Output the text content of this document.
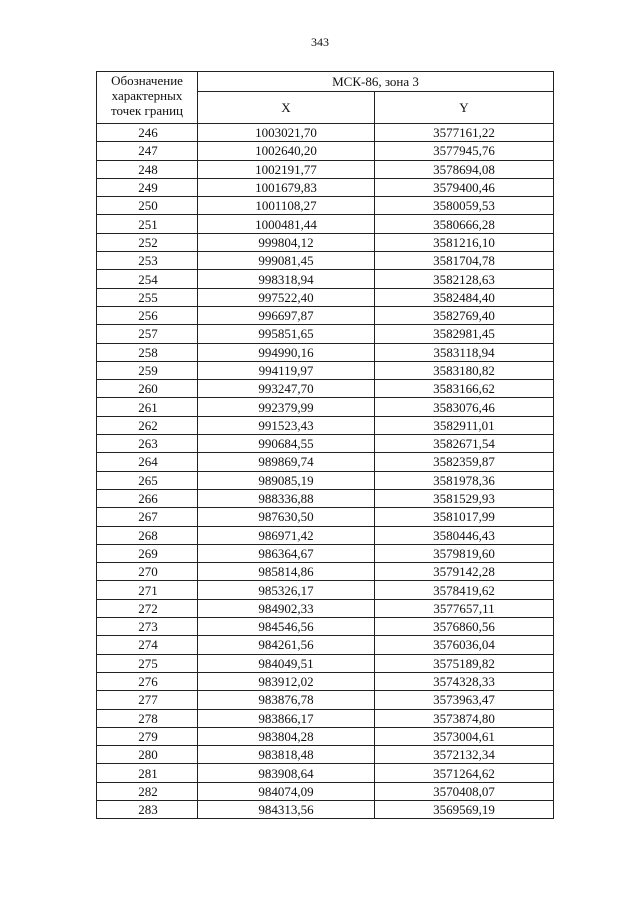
343
Обозначение характерных точек границ	МСК-86, зона 3	
	X	Y
246	1003021,70	3577161,22
247	1002640,20	3577945,76
248	1002191,77	3578694,08
249	1001679,83	3579400,46
250	1001108,27	3580059,53
251	1000481,44	3580666,28
252	999804,12	3581216,10
253	999081,45	3581704,78
254	998318,94	3582128,63
255	997522,40	3582484,40
256	996697,87	3582769,40
257	995851,65	3582981,45
258	994990,16	3583118,94
259	994119,97	3583180,82
260	993247,70	3583166,62
261	992379,99	3583076,46
262	991523,43	3582911,01
263	990684,55	3582671,54
264	989869,74	3582359,87
265	989085,19	3581978,36
266	988336,88	3581529,93
267	987630,50	3581017,99
268	986971,42	3580446,43
269	986364,67	3579819,60
270	985814,86	3579142,28
271	985326,17	3578419,62
272	984902,33	3577657,11
273	984546,56	3576860,56
274	984261,56	3576036,04
275	984049,51	3575189,82
276	983912,02	3574328,33
277	983876,78	3573963,47
278	983866,17	3573874,80
279	983804,28	3573004,61
280	983818,48	3572132,34
281	983908,64	3571264,62
282	984074,09	3570408,07
283	984313,56	3569569,19
